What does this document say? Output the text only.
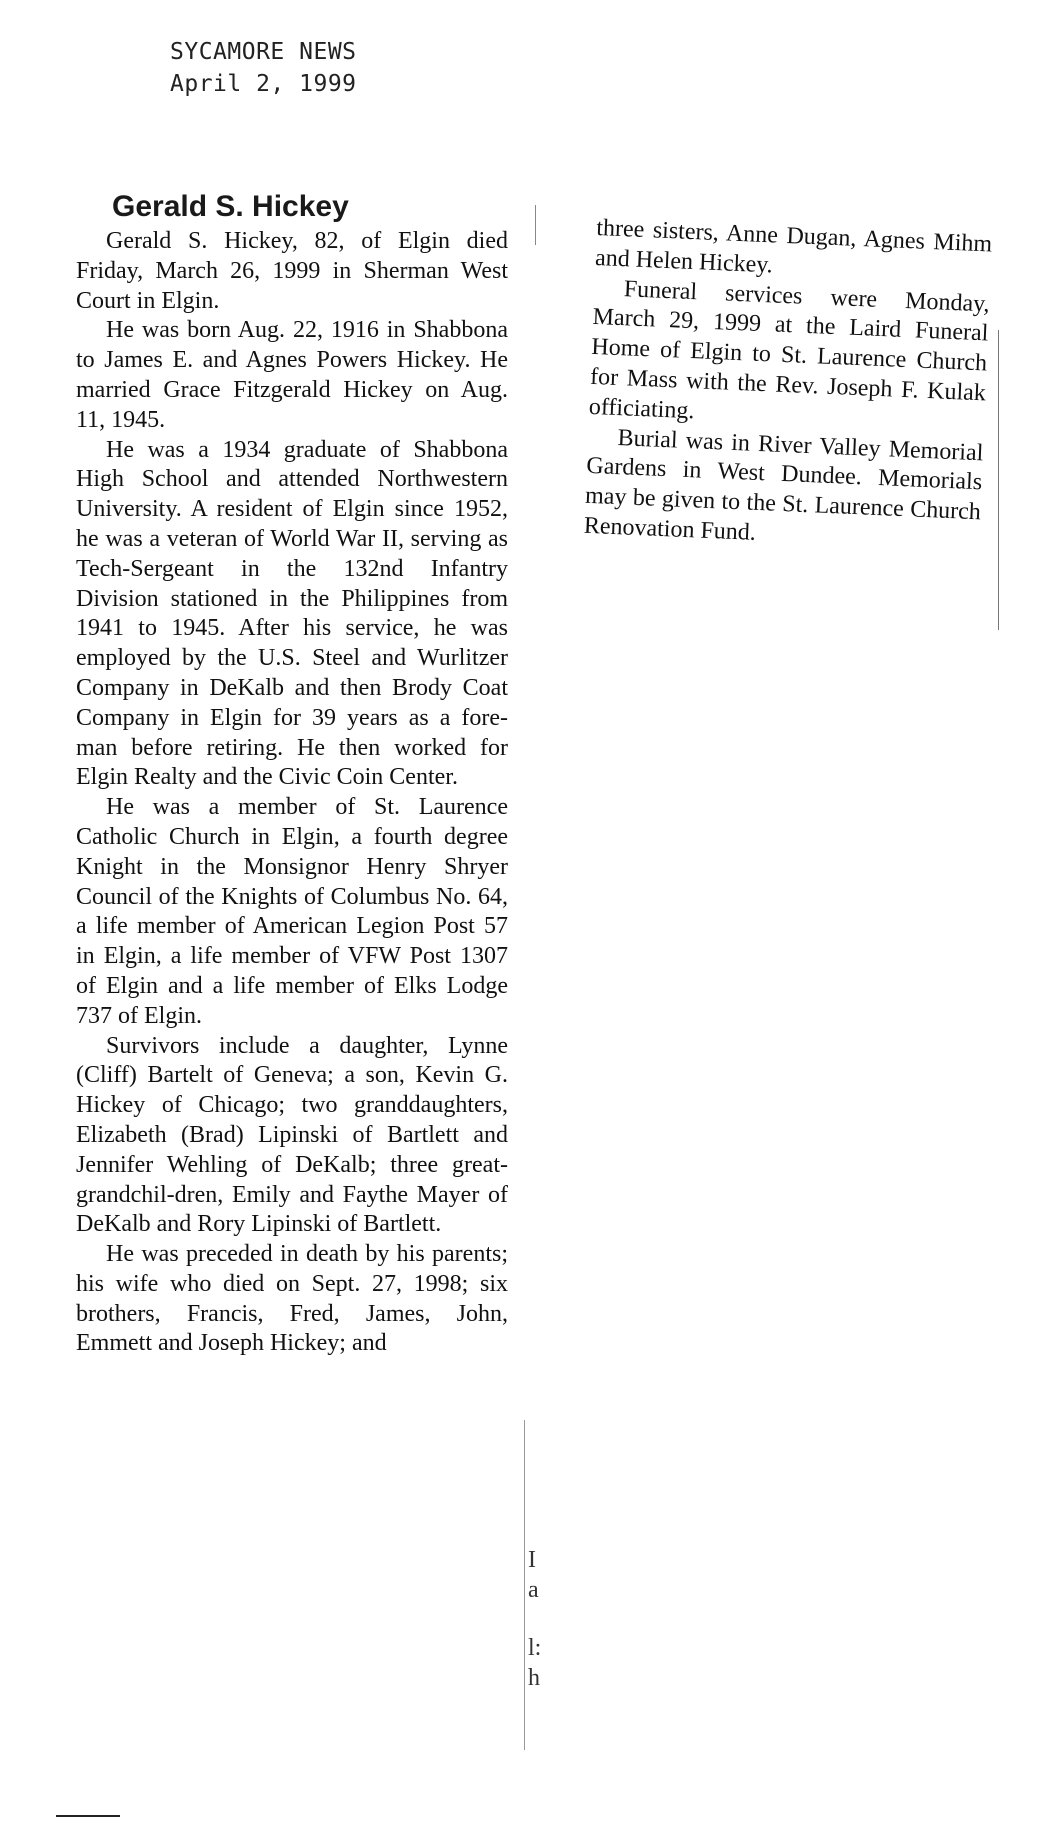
SYCAMORE NEWS
April 2, 1999
Gerald S. Hickey

Gerald S. Hickey, 82, of Elgin died Friday, March 26, 1999 in Sherman West Court in Elgin.

He was born Aug. 22, 1916 in Shabbona to James E. and Agnes Powers Hickey. He married Grace Fitzgerald Hickey on Aug. 11, 1945.

He was a 1934 graduate of Shabbona High School and attended Northwestern University. A resident of Elgin since 1952, he was a veteran of World War II, serving as Tech-Sergeant in the 132nd Infantry Division stationed in the Philippines from 1941 to 1945. After his service, he was employed by the U.S. Steel and Wurlitzer Company in DeKalb and then Brody Coat Company in Elgin for 39 years as a fore-man before retiring. He then worked for Elgin Realty and the Civic Coin Center.

He was a member of St. Laurence Catholic Church in Elgin, a fourth degree Knight in the Monsignor Henry Shryer Council of the Knights of Columbus No. 64, a life member of American Legion Post 57 in Elgin, a life member of VFW Post 1307 of Elgin and a life member of Elks Lodge 737 of Elgin.

Survivors include a daughter, Lynne (Cliff) Bartelt of Geneva; a son, Kevin G. Hickey of Chicago; two granddaughters, Elizabeth (Brad) Lipinski of Bartlett and Jennifer Wehling of DeKalb; three great-grandchil-dren, Emily and Faythe Mayer of DeKalb and Rory Lipinski of Bartlett.

He was preceded in death by his parents; his wife who died on Sept. 27, 1998; six brothers, Francis, Fred, James, John, Emmett and Joseph Hickey; and

three sisters, Anne Dugan, Agnes Mihm and Helen Hickey.

Funeral services were Monday, March 29, 1999 at the Laird Funeral Home of Elgin to St. Laurence Church for Mass with the Rev. Joseph F. Kulak officiating.

Burial was in River Valley Memorial Gardens in West Dundee. Memorials may be given to the St. Laurence Church Renovation Fund.

I
a
l:
h
